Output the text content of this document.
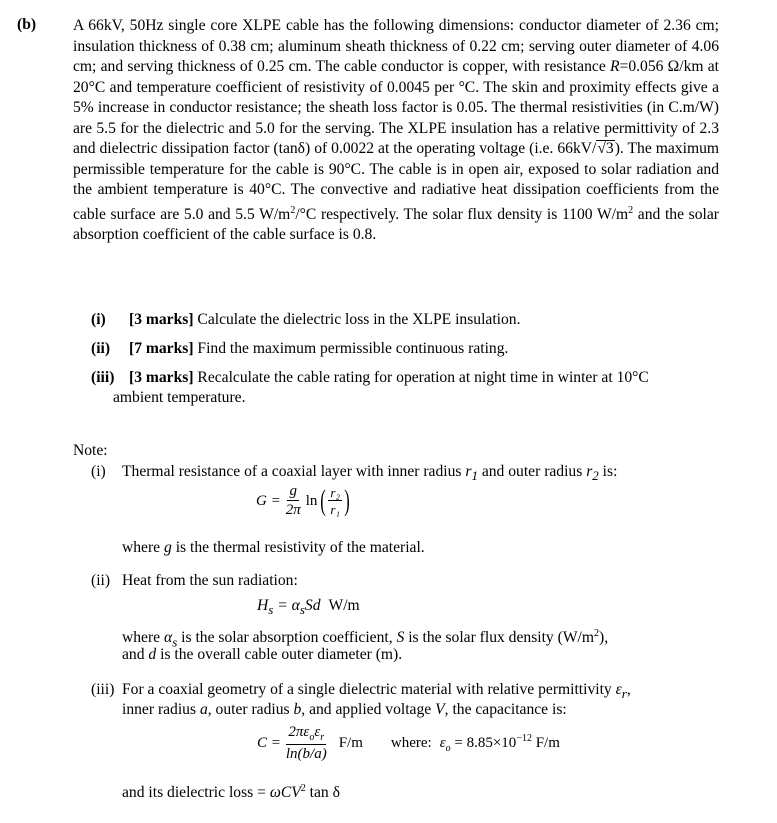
(b) A 66kV, 50Hz single core XLPE cable has the following dimensions: conductor diameter of 2.36 cm; insulation thickness of 0.38 cm; aluminum sheath thickness of 0.22 cm; serving outer diameter of 4.06 cm; and serving thickness of 0.25 cm. The cable conductor is copper, with resistance R=0.056 Ω/km at 20°C and temperature coefficient of resistivity of 0.0045 per °C. The skin and proximity effects give a 5% increase in conductor resistance; the sheath loss factor is 0.05. The thermal resistivities (in C.m/W) are 5.5 for the dielectric and 5.0 for the serving. The XLPE insulation has a relative permittivity of 2.3 and dielectric dissipation factor (tanδ) of 0.0022 at the operating voltage (i.e. 66kV/√3). The maximum permissible temperature for the cable is 90°C. The cable is in open air, exposed to solar radiation and the ambient temperature is 40°C. The convective and radiative heat dissipation coefficients from the cable surface are 5.0 and 5.5 $W/m^2/^\circ C$ respectively. The solar flux density is 1100 $W/m^2$ and the solar absorption coefficient of the cable surface is 0.8.
(i) [3 marks] Calculate the dielectric loss in the XLPE insulation.
(ii) [7 marks] Find the maximum permissible continuous rating.
(iii) [3 marks] Recalculate the cable rating for operation at night time in winter at 10°C
ambient temperature.
Note:
(i) Thermal resistance of a coaxial layer with inner radius $r_1$ and outer radius $r_2$ is:
$G = \frac{g}{2\pi}$ ln ( $\frac{\text{r₂}}{\text{r₁}}$ )
where g is the thermal resistivity of the material.
(ii) Heat from the sun radiation:
$H_s = \alpha_sSd$ W/m
where $\alpha_s$ is the solar absorption coefficient, S is the solar flux density $(W/m^2)$,
and d is the overall cable outer diameter (m).
(iii) For a coaxial geometry of a single dielectric material with relative permittivity $\varepsilon_r$,
inner radius a, outer radius b, and applied voltage V, the capacitance is:
$C = \frac{2\pi\varepsilon_o\varepsilon_r}{\ln(b/a)} F/m$ where: $\varepsilon_o = 8.85\times 10^{-12}$ F/m
and its dielectric loss = ωCV$^2$ tan δ
